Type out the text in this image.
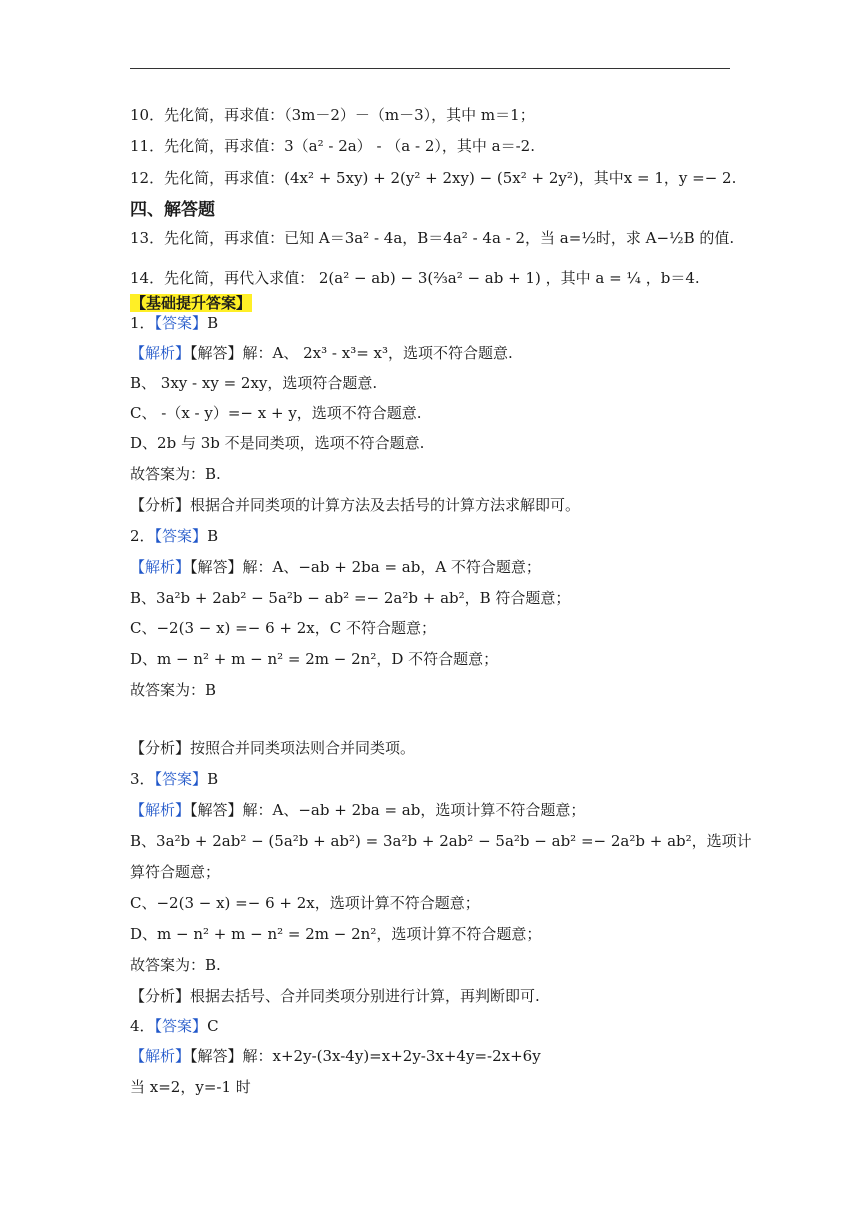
10．先化简，再求值：（3m－2）－（m－3），其中 m＝1；
11．先化简，再求值：3（a² - 2a） - （a - 2），其中 a＝-2.
12．先化简，再求值：(4x² + 5xy) + 2(y² + 2xy) − (5x² + 2y²)，其中x = 1，y =− 2.
四、解答题
13．先化简，再求值：已知 A＝3a² - 4a，B＝4a² - 4a - 2，当 a=½时，求 A−½B 的值.
14．先化简，再代入求值： 2(a² − ab) − 3(⅔a² − ab + 1) ，其中 a = ¼ ，b＝4.
【基础提升答案】
1．【答案】B
【解析】【解答】解：A、 2x³ - x³= x³，选项不符合题意.
B、 3xy - xy = 2xy，选项符合题意.
C、 -（x - y）=− x + y，选项不符合题意.
D、2b 与 3b 不是同类项，选项不符合题意.
故答案为：B.
【分析】根据合并同类项的计算方法及去括号的计算方法求解即可。
2．【答案】B
【解析】【解答】解：A、−ab + 2ba = ab，A 不符合题意；
B、3a²b + 2ab² − 5a²b − ab² =− 2a²b + ab²，B 符合题意；
C、−2(3 − x) =− 6 + 2x，C 不符合题意；
D、m − n² + m − n² = 2m − 2n²，D 不符合题意；
故答案为：B
【分析】按照合并同类项法则合并同类项。
3．【答案】B
【解析】【解答】解：A、−ab + 2ba = ab，选项计算不符合题意；
B、3a²b + 2ab² − (5a²b + ab²) = 3a²b + 2ab² − 5a²b − ab² =− 2a²b + ab²，选项计
算符合题意；
C、−2(3 − x) =− 6 + 2x，选项计算不符合题意；
D、m − n² + m − n² = 2m − 2n²，选项计算不符合题意；
故答案为：B.
【分析】根据去括号、合并同类项分别进行计算，再判断即可.
4．【答案】C
【解析】【解答】解：x+2y-(3x-4y)=x+2y-3x+4y=-2x+6y
当 x=2，y=-1 时
